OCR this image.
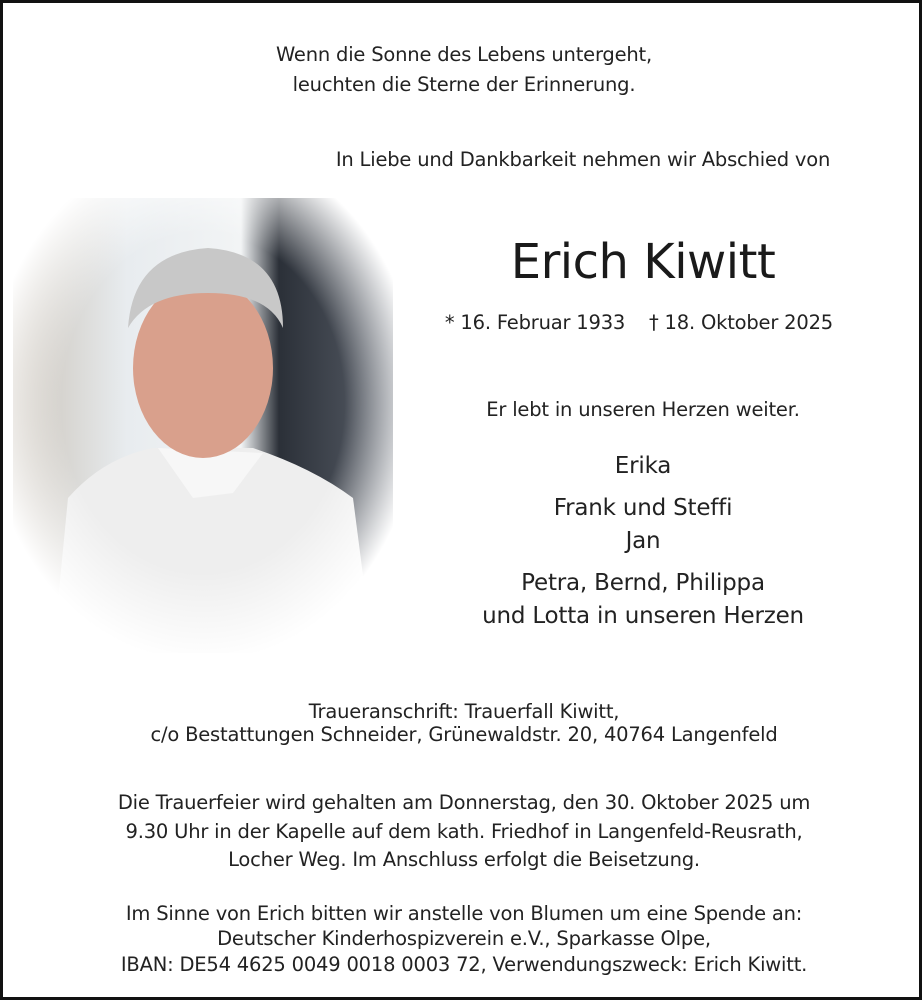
Wenn die Sonne des Lebens untergeht,
leuchten die Sterne der Erinnerung.
In Liebe und Dankbarkeit nehmen wir Abschied von
Erich Kiwitt
* 16. Februar 1933 † 18. Oktober 2025
Er lebt in unseren Herzen weiter.
Erika
Frank und Steffi
Jan
Petra, Bernd, Philippa
und Lotta in unseren Herzen
Traueranschrift: Trauerfall Kiwitt,
c/o Bestattungen Schneider, Grünewaldstr. 20, 40764 Langenfeld
Die Trauerfeier wird gehalten am Donnerstag, den 30. Oktober 2025 um
9.30 Uhr in der Kapelle auf dem kath. Friedhof in Langenfeld-Reusrath,
Locher Weg. Im Anschluss erfolgt die Beisetzung.
Im Sinne von Erich bitten wir anstelle von Blumen um eine Spende an:
Deutscher Kinderhospizverein e.V., Sparkasse Olpe,
IBAN: DE54 4625 0049 0018 0003 72, Verwendungszweck: Erich Kiwitt.
